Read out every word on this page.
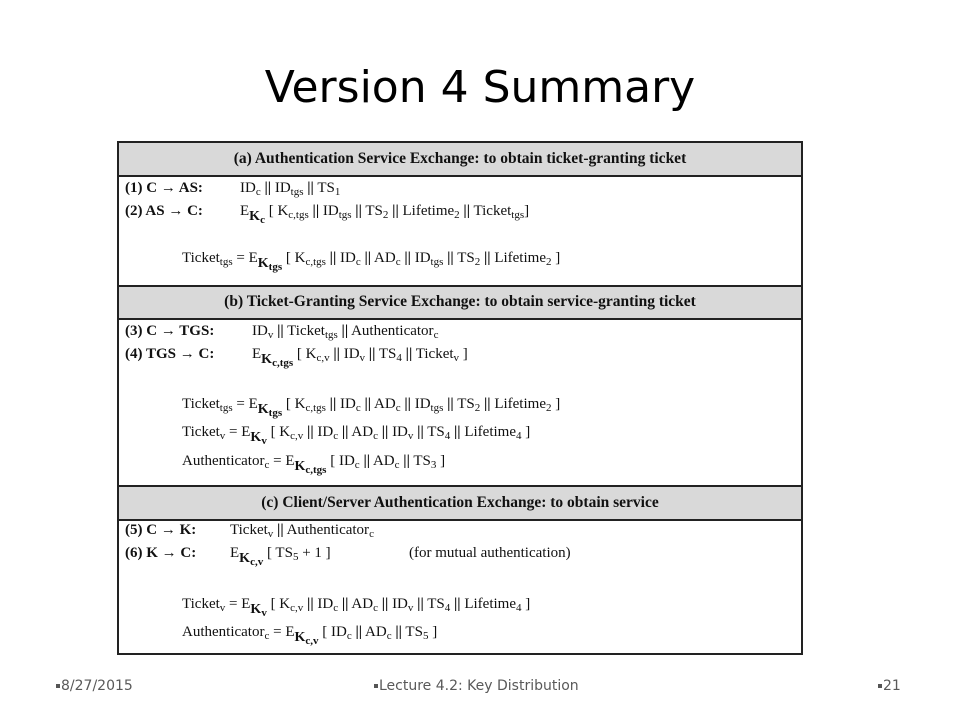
Version 4 Summary
(a) Authentication Service Exchange: to obtain ticket-granting ticket
(1) C → AS: $ID_c$ || $ID_{tgs}$ || $TS_1$
(2) AS → C: $EK_c$ [ $K_{c,tgs}$ || $ID_{tgs}$ || $TS_2$ || Lifetime$_2$ || Ticket$_{tgs}$]
Ticket$_{tgs}$ = $EK_{tgs}$ [ $K_{c,tgs}$ || $ID_c$ || $AD_c$ || $ID_{tgs}$ || $TS_2$ || Lifetime$_2$ ]
(b) Ticket-Granting Service Exchange: to obtain service-granting ticket
(3) C → TGS:	$ID_v$ || Ticket$_{tgs}$ || Authenticator$_c$
(4) TGS → C:	$EK_{c,tgs}$ [ $K_{c,v}$ || $ID_v$ || $TS_4$ || Ticket$_v$ ]
Ticket$_{tgs}$ = $EK_{tgs}$ [ $K_{c,tgs}$ || $ID_c$ || $AD_c$ || $ID_{tgs}$ || $TS_2$ || Lifetime$_2$ ]
Ticket$_v$ = $EK_v$ [ $K_{c,v}$ || $ID_c$ || $AD_c$ || $ID_v$ || $TS_4$ || Lifetime$_4$ ]
Authenticator$_c$ = $EK_{c,tgs}$ [ $ID_c$ || $AD_c$ || $TS_3$ ]
(c) Client/Server Authentication Exchange: to obtain service
(5) C → K: Ticket$_v$ || Authenticator$_c$
(6) K → C: $EK_{c,v}$ [ $TS_5 + 1$ ]	(for mutual authentication)
Ticket$_v$ = $EK_v$ [ $K_{c,v}$ || $ID_c$ || $AD_c$ || $ID_v$ || $TS_4$ || Lifetime$_4$ ]
Authenticator$_c$ = $EK_{c,v}$ [ $ID_c$ || $AD_c$ || $TS_5$ ]
8/27/2015	Lecture 4.2: Key Distribution	21
